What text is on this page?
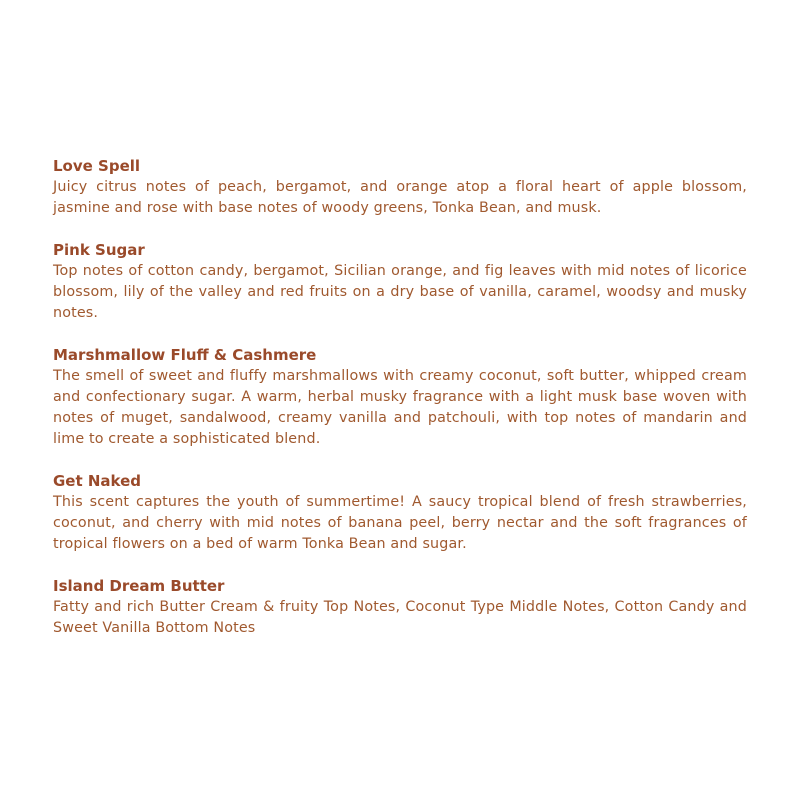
Love Spell

Juicy citrus notes of peach, bergamot, and orange atop a floral heart of apple blossom, jasmine and rose with base notes of woody greens, Tonka Bean, and musk.

Pink Sugar

Top notes of cotton candy, bergamot, Sicilian orange, and fig leaves with mid notes of licorice blossom, lily of the valley and red fruits on a dry base of vanilla, caramel, woodsy and musky notes.

Marshmallow Fluff & Cashmere

The smell of sweet and fluffy marshmallows with creamy coconut, soft butter, whipped cream and confectionary sugar. A warm, herbal musky fragrance with a light musk base woven with notes of muget, sandalwood, creamy vanilla and patchouli, with top notes of mandarin and lime to create a sophisticated blend.

Get Naked

This scent captures the youth of summertime! A saucy tropical blend of fresh strawberries, coconut, and cherry with mid notes of banana peel, berry nectar and the soft fragrances of tropical flowers on a bed of warm Tonka Bean and sugar.

Island Dream Butter

Fatty and rich Butter Cream & fruity Top Notes, Coconut Type Middle Notes, Cotton Candy and Sweet Vanilla Bottom Notes
